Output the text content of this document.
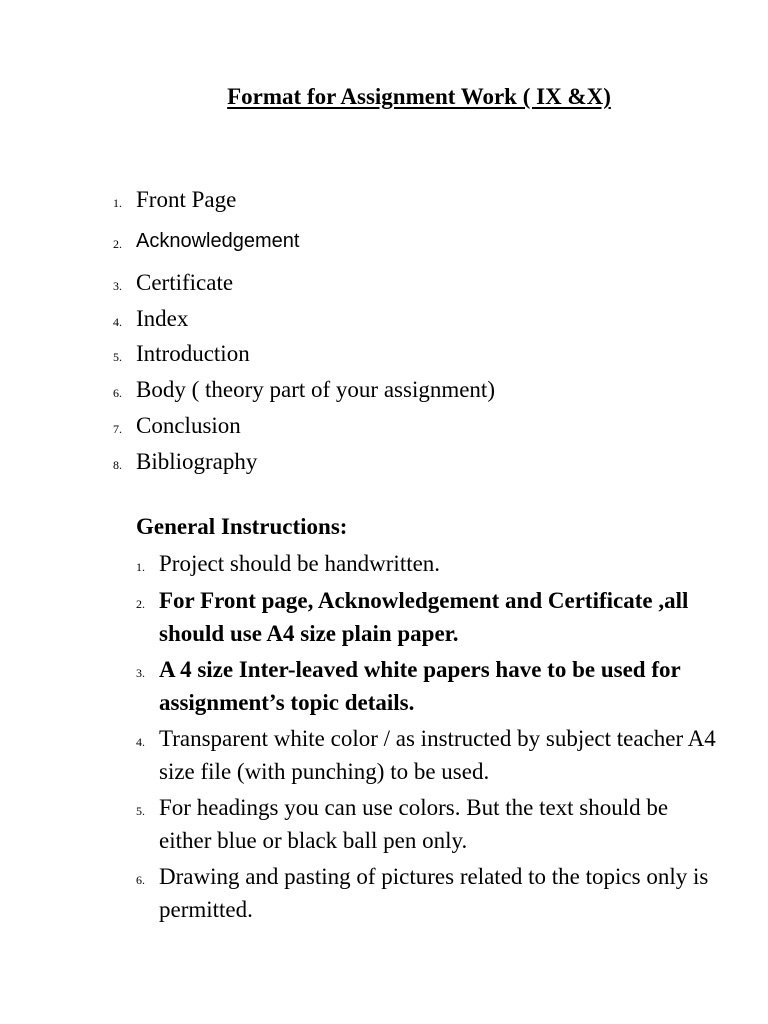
Format for Assignment Work ( IX &X)
1. Front Page
2. Acknowledgement
3. Certificate
4. Index
5. Introduction
6. Body ( theory part of your assignment)
7. Conclusion
8. Bibliography
General Instructions:
1. Project should be handwritten.
2. For Front page, Acknowledgement and Certificate ,all should use A4 size plain paper.
3. A 4 size Inter-leaved white papers have to be used for assignment’s topic details.
4. Transparent white color / as instructed by subject teacher A4 size file (with punching) to be used.
5. For headings you can use colors. But the text should be either blue or black ball pen only.
6. Drawing and pasting of pictures related to the topics only is permitted.
